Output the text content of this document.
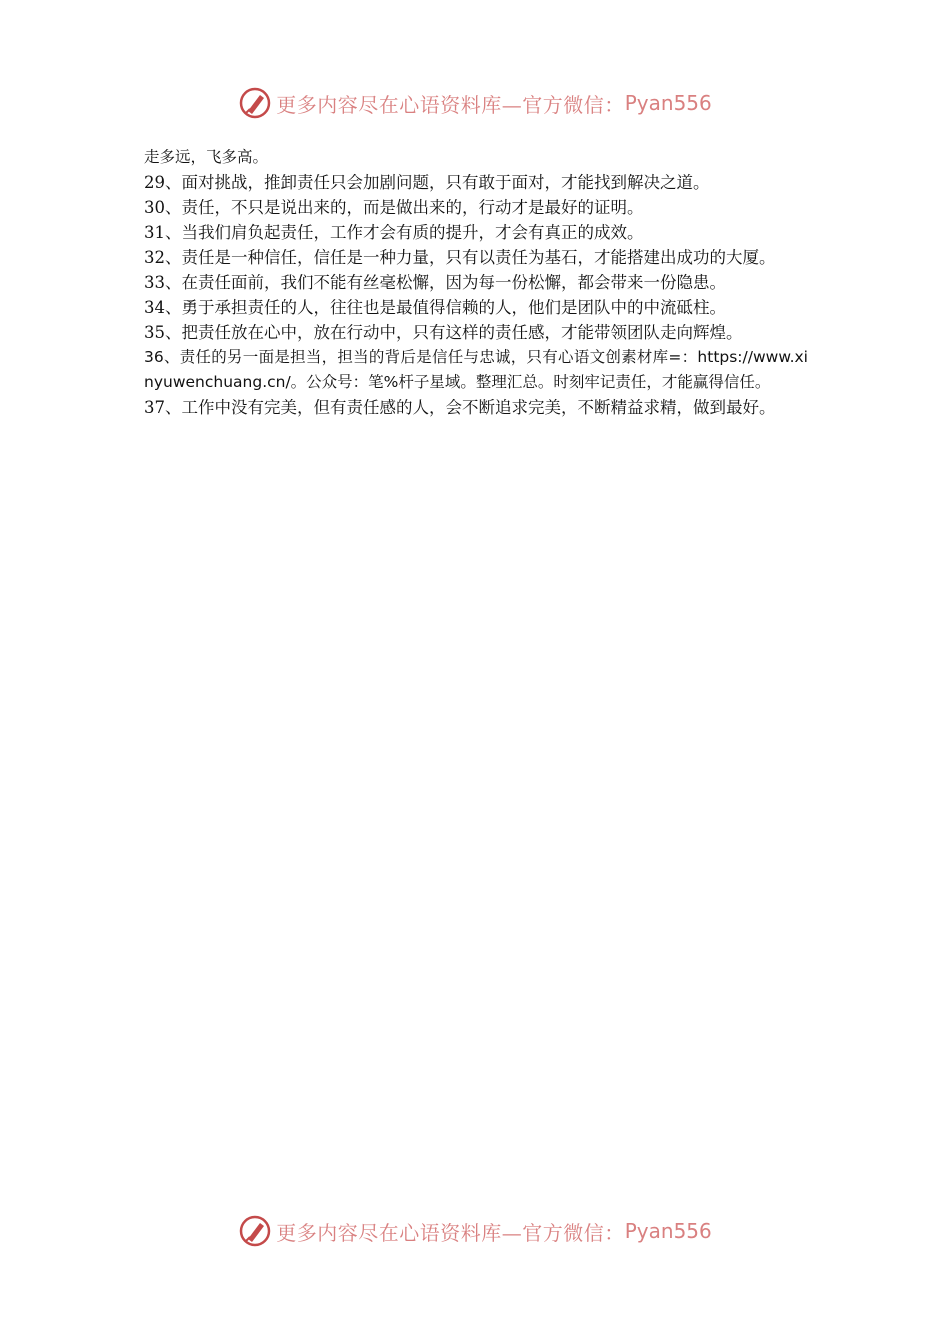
更多内容尽在心语资料库—官方微信： Pyan556

走多远，飞多高。

29、面对挑战，推卸责任只会加剧问题，只有敢于面对，才能找到解决之道。

30、责任，不只是说出来的，而是做出来的，行动才是最好的证明。

31、当我们肩负起责任，工作才会有质的提升，才会有真正的成效。

32、责任是一种信任，信任是一种力量，只有以责任为基石，才能搭建出成功的大厦。

33、在责任面前，我们不能有丝毫松懈，因为每一份松懈，都会带来一份隐患。

34、勇于承担责任的人，往往也是最值得信赖的人，他们是团队中的中流砥柱。

35、把责任放在心中，放在行动中，只有这样的责任感，才能带领团队走向辉煌。

36、责任的另一面是担当，担当的背后是信任与忠诚，只有心语文创素材库=：https://www.xinyuwenchuang.cn/。公众号：笔%杆子星域。整理汇总。时刻牢记责任，才能赢得信任。

37、工作中没有完美，但有责任感的人，会不断追求完美，不断精益求精，做到最好。

更多内容尽在心语资料库—官方微信： Pyan556
